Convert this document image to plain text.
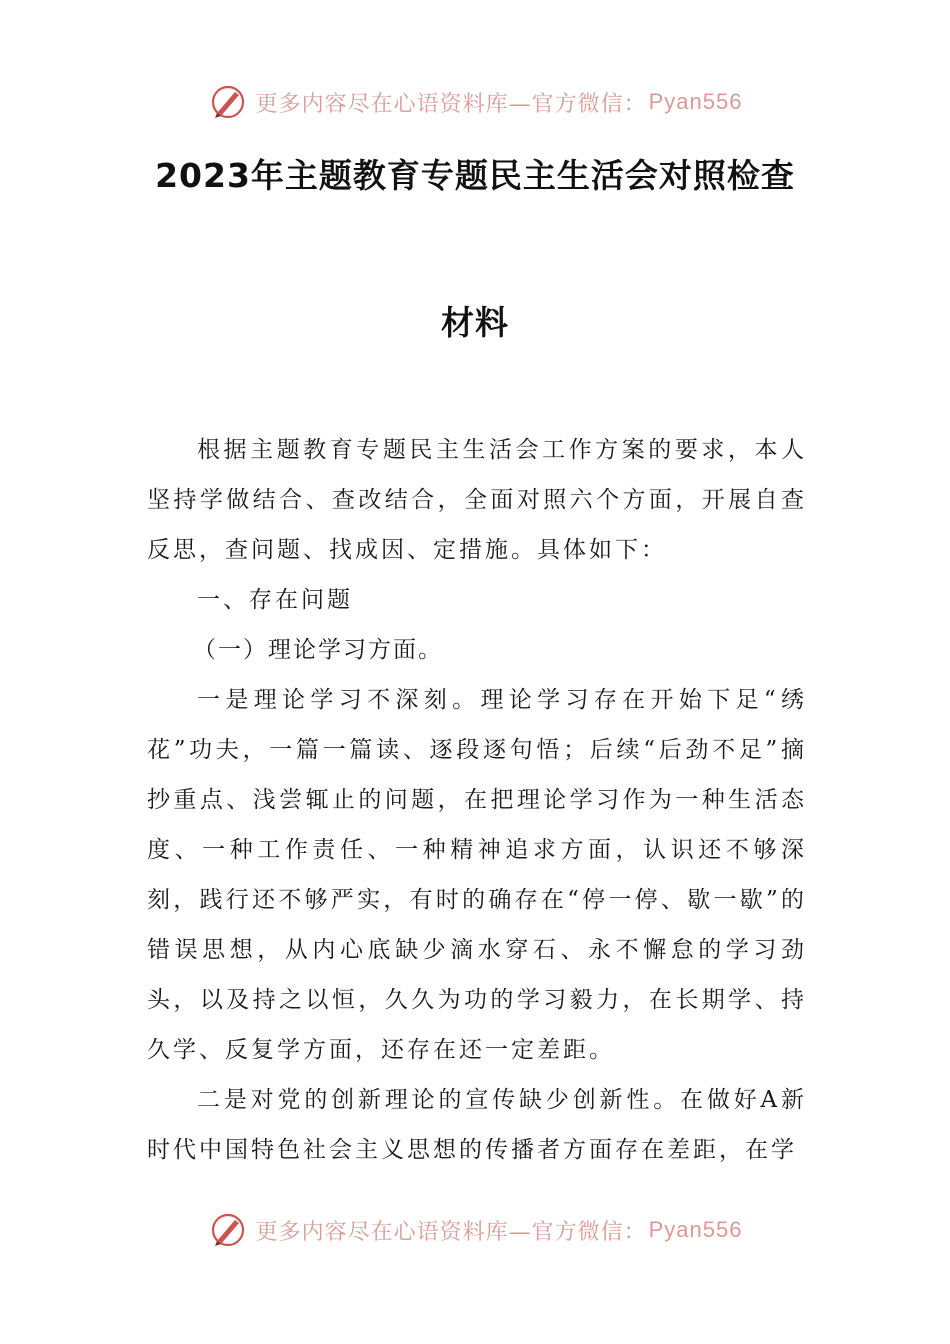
更多内容尽在心语资料库—官方微信： Pyan556
2023年主题教育专题民主生活会对照检查
材料

根据主题教育专题民主生活会工作方案的要求，本人坚持学做结合、查改结合，全面对照六个方面，开展自查反思，查问题、找成因、定措施。具体如下：

一、存在问题

（一）理论学习方面。

一是理论学习不深刻。理论学习存在开始下足“绣花”功夫，一篇一篇读、逐段逐句悟；后续“后劲不足”摘抄重点、浅尝辄止的问题，在把理论学习作为一种生活态度、一种工作责任、一种精神追求方面，认识还不够深刻，践行还不够严实，有时的确存在“停一停、歇一歇”的错误思想，从内心底缺少滴水穿石、永不懈怠的学习劲头，以及持之以恒，久久为功的学习毅力，在长期学、持久学、反复学方面，还存在还一定差距。

二是对党的创新理论的宣传缺少创新性。在做好A新时代中国特色社会主义思想的传播者方面存在差距，在学

更多内容尽在心语资料库—官方微信： Pyan556
